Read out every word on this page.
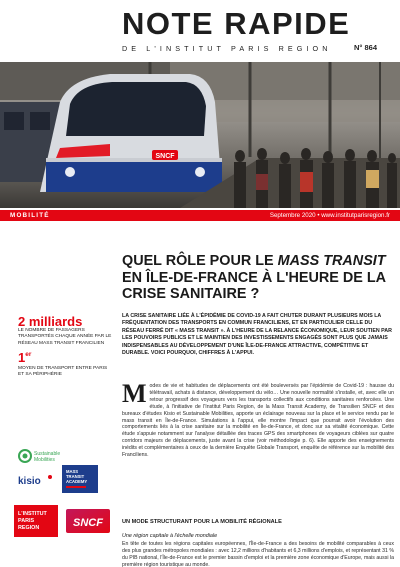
NOTE RAPIDE
DE L'INSTITUT PARIS REGION	N° 864
SNCF
MOBILITÉ	Septembre 2020 • www.institutparisregion.fr
2 milliards
LE NOMBRE DE PASSAGERS TRANSPORTÉS CHAQUE ANNÉE PAR LE RÉSEAU MASS TRANSIT FRANCILIEN
1er
MOYEN DE TRANSPORT ENTRE PARIS ET SA PÉRIPHÉRIE
Sustainable
Mobilities
kisio
MASS
TRANSIT
ACADEMY
L'INSTITUT
PARIS
REGION	SNCF
QUEL RÔLE POUR LE MASS TRANSIT EN ÎLE-DE-FRANCE À L'HEURE DE LA CRISE SANITAIRE ?

LA CRISE SANITAIRE LIÉE À L'ÉPIDÉMIE DE COVID-19 A FAIT CHUTER DURANT PLUSIEURS MOIS LA FRÉQUENTATION DES TRANSPORTS EN COMMUN FRANCILIENS, ET EN PARTICULIER CELLE DU RÉSEAU FERRÉ DIT « MASS TRANSIT ». À L'HEURE DE LA RELANCE ÉCONOMIQUE, LEUR SOUTIEN PAR LES POUVOIRS PUBLICS ET LE MAINTIEN DES INVESTISSEMENTS ENGAGÉS SONT PLUS QUE JAMAIS INDISPENSABLES AU DÉVELOPPEMENT D'UNE ÎLE-DE-FRANCE ATTRACTIVE, COMPÉTITIVE ET DURABLE. VOICI POURQUOI, CHIFFRES À L'APPUI.

Modes de vie et habitudes de déplacements ont été bouleversés par l'épidémie de Covid-19 : hausse du télétravail, achats à distance, développement du vélo… Une nouvelle normalité s'installe, et, avec elle un retour progressif des voyageurs vers les transports collectifs aux conditions sanitaires renforcées. Une étude, à l'initiative de l'Institut Paris Region, de la Mass Transit Academy, de Transilien SNCF et des bureaux d'études Kisio et Sustainable Mobilities, apporte un éclairage nouveau sur la place et le service rendu par le mass transit en Île-de-France. Simulations à l'appui, elle montre l'impact que pourrait avoir l'évolution des comportements liés à la crise sanitaire sur la mobilité en Île-de-France, et donc sur sa vitalité économique. Cette étude s'appuie notamment sur l'analyse détaillée des traces GPS des smartphones de voyageurs ciblées sur quatre corridors majeurs de déplacements, juste avant la crise (voir méthodologie p. 6). Elle apporte des enseignements inédits et complémentaires à ceux de la dernière Enquête Globale Transport, enquête de référence sur la mobilité des Franciliens.
UN MODE STRUCTURANT POUR LA MOBILITÉ RÉGIONALE
Une région capitale à l'échelle mondiale
En tête de toutes les régions capitales européennes, l'Île-de-France a des besoins de mobilité comparables à ceux des plus grandes métropoles mondiales : avec 12,2 millions d'habitants et 6,3 millions d'emplois, et représentant 31 % du PIB national, l'Île-de-France est le premier bassin d'emploi et la première zone économique d'Europe, mais aussi la première région touristique au monde.
